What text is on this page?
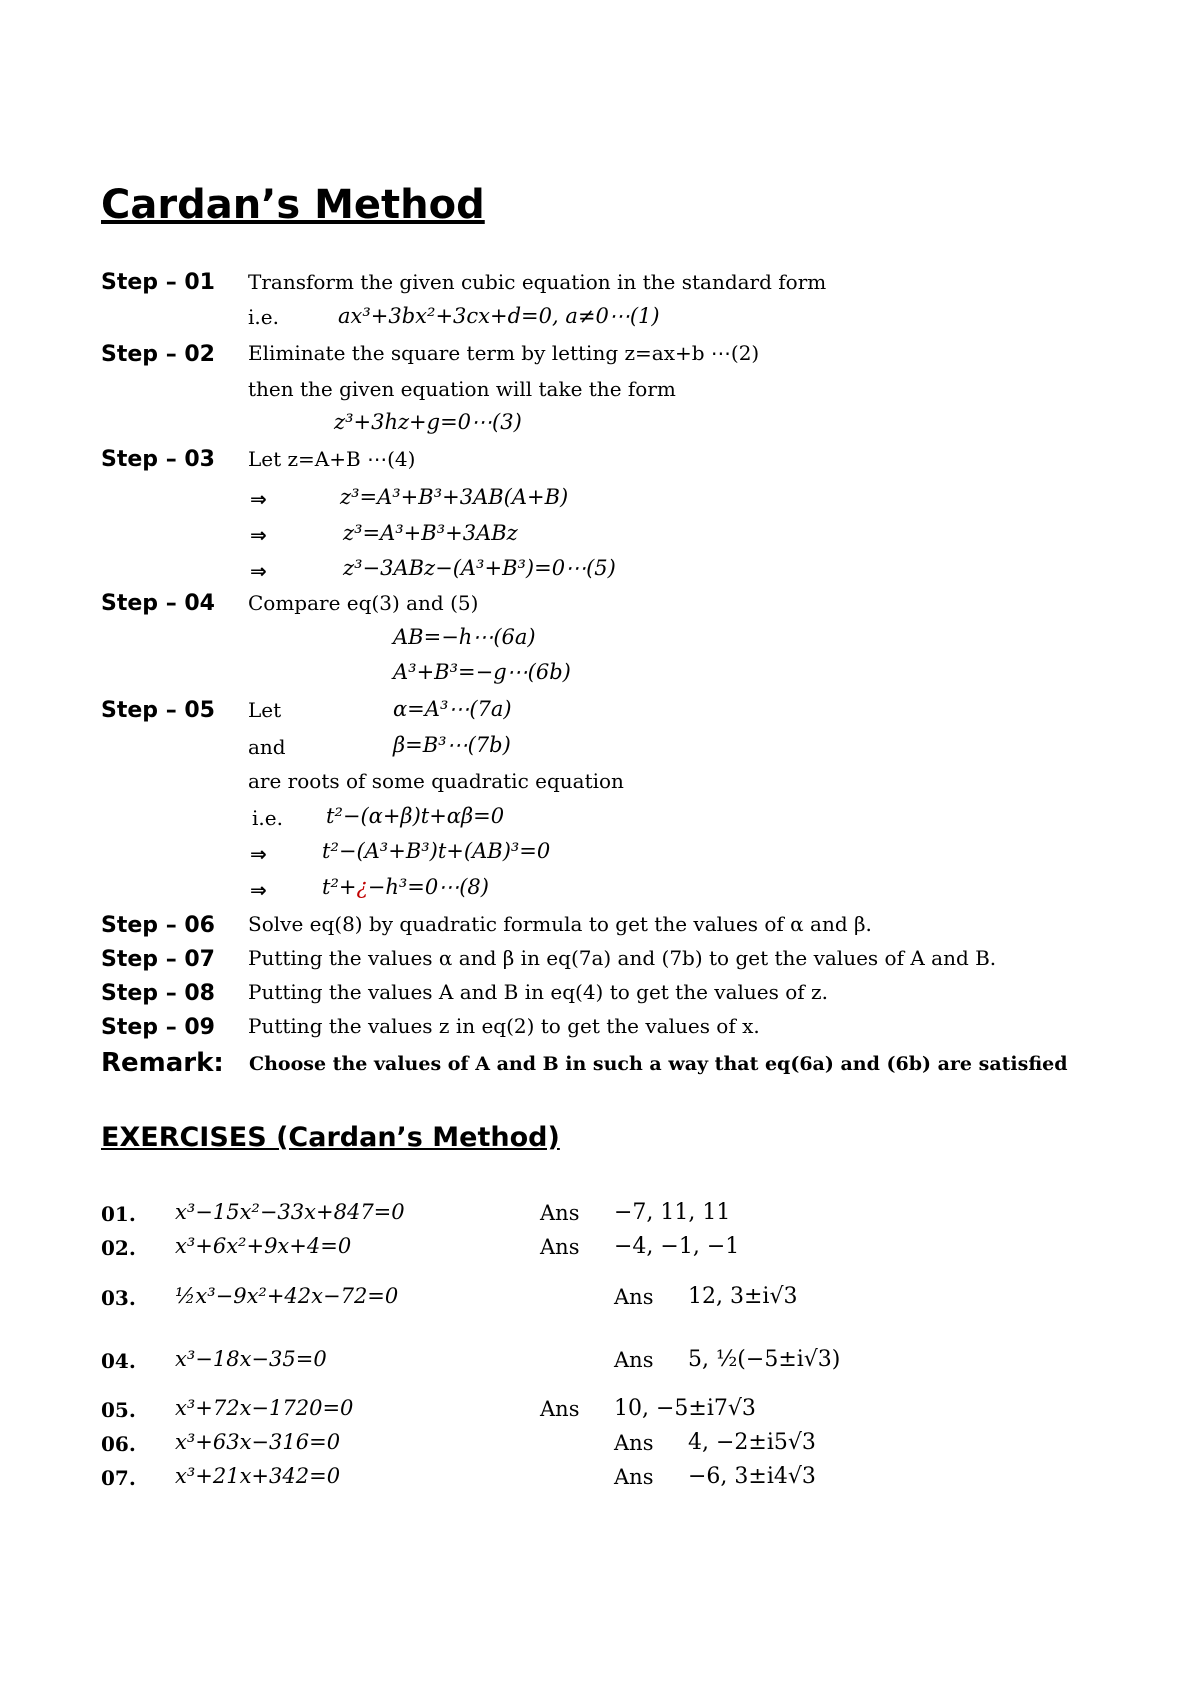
Cardan’s Method
Step – 01 Transform the given cubic equation in the standard form
i.e.	ax³+3bx²+3cx+d=0, a≠0⋯(1)
Step – 02 Eliminate the square term by letting z=ax+b ⋯(2)
then the given equation will take the form
z³+3hz+g=0⋯(3)
Step – 03 Let z=A+B ⋯(4)
⇒	z³=A³+B³+3AB(A+B)
⇒	z³=A³+B³+3ABz
⇒	z³−3ABz−(A³+B³)=0⋯(5)
Step – 04 Compare eq(3) and (5)
AB=−h⋯(6a)
A³+B³=−g⋯(6b)
Step – 05 Let	α=A³⋯(7a)
and	β=B³⋯(7b)
are roots of some quadratic equation
i.e. t²−(α+β)t+αβ=0
⇒	t²−(A³+B³)t+(AB)³=0
⇒	t²+¿−h³=0⋯(8)
Step – 06 Solve eq(8) by quadratic formula to get the values of α and β.
Step – 07 Putting the values α and β in eq(7a) and (7b) to get the values of A and B.
Step – 08 Putting the values A and B in eq(4) to get the values of z.
Step – 09 Putting the values z in eq(2) to get the values of x.
Remark: Choose the values of A and B in such a way that eq(6a) and (6b) are satisfied
EXERCISES (Cardan’s Method)
01. x³−15x²−33x+847=0	Ans −7, 11, 11
02. x³+6x²+9x+4=0	Ans −4, −1, −1
03. ½x³−9x²+42x−72=0	Ans 12, 3±i√3
04. x³−18x−35=0	Ans 5, ½(−5±i√3)
05. x³+72x−1720=0	Ans 10, −5±i7√3
06. x³+63x−316=0	Ans 4, −2±i5√3
07. x³+21x+342=0	Ans −6, 3±i4√3
